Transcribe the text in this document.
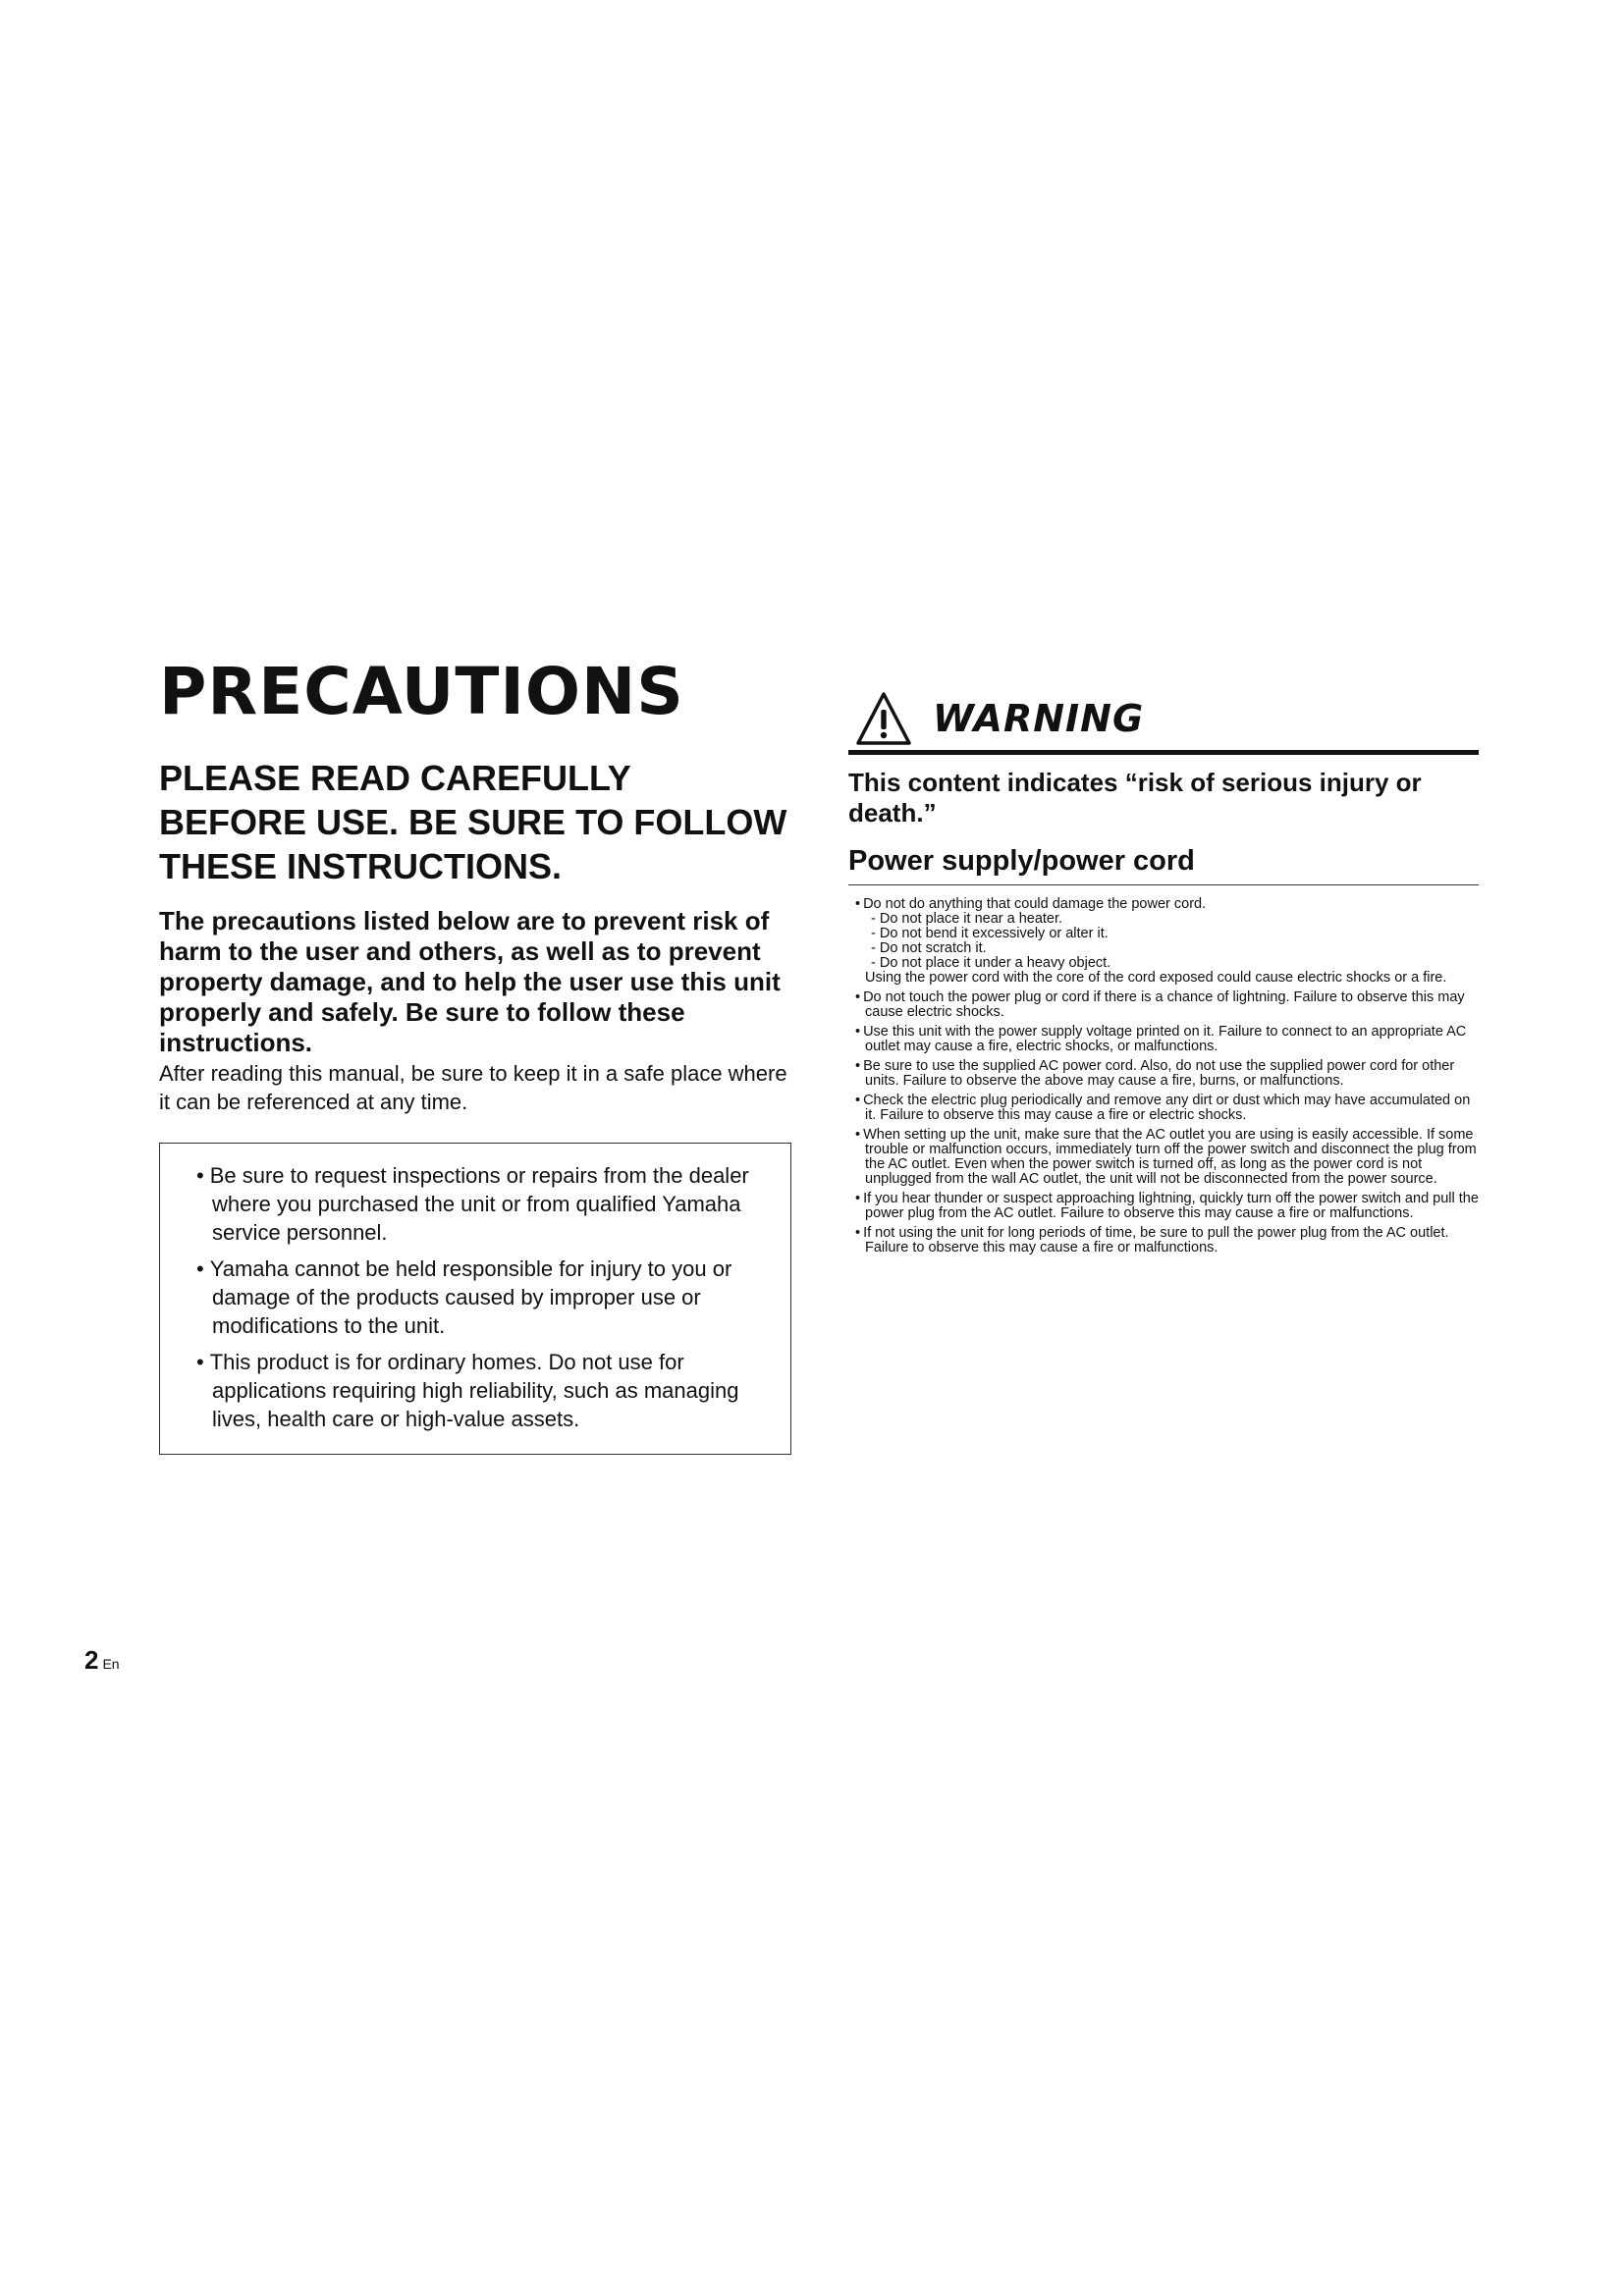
PRECAUTIONS
PLEASE READ CAREFULLY BEFORE USE. BE SURE TO FOLLOW THESE INSTRUCTIONS.

The precautions listed below are to prevent risk of harm to the user and others, as well as to prevent property damage, and to help the user use this unit properly and safely. Be sure to follow these instructions.

After reading this manual, be sure to keep it in a safe place where it can be referenced at any time.

• Be sure to request inspections or repairs from the dealer where you purchased the unit or from qualified Yamaha service personnel.
• Yamaha cannot be held responsible for injury to you or damage of the products caused by improper use or modifications to the unit.
• This product is for ordinary homes. Do not use for applications requiring high reliability, such as managing lives, health care or high-value assets.
WARNING

This content indicates “risk of serious injury or death.”

Power supply/power cord
• Do not do anything that could damage the power cord.
- Do not place it near a heater.
- Do not bend it excessively or alter it.
- Do not scratch it.
- Do not place it under a heavy object.
Using the power cord with the core of the cord exposed could cause electric shocks or a fire.
• Do not touch the power plug or cord if there is a chance of lightning. Failure to observe this may cause electric shocks.
• Use this unit with the power supply voltage printed on it. Failure to connect to an appropriate AC outlet may cause a fire, electric shocks, or malfunctions.
• Be sure to use the supplied AC power cord. Also, do not use the supplied power cord for other units. Failure to observe the above may cause a fire, burns, or malfunctions.
• Check the electric plug periodically and remove any dirt or dust which may have accumulated on it. Failure to observe this may cause a fire or electric shocks.
• When setting up the unit, make sure that the AC outlet you are using is easily accessible. If some trouble or malfunction occurs, immediately turn off the power switch and disconnect the plug from the AC outlet. Even when the power switch is turned off, as long as the power cord is not unplugged from the wall AC outlet, the unit will not be disconnected from the power source.
• If you hear thunder or suspect approaching lightning, quickly turn off the power switch and pull the power plug from the AC outlet. Failure to observe this may cause a fire or malfunctions.
• If not using the unit for long periods of time, be sure to pull the power plug from the AC outlet. Failure to observe this may cause a fire or malfunctions.
2 En
